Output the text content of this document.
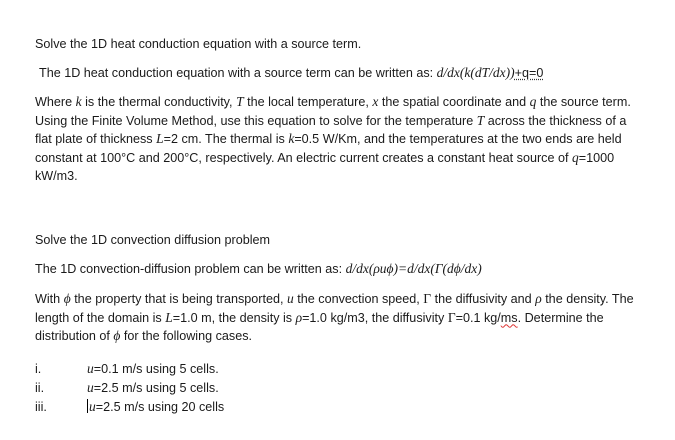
Solve the 1D heat conduction equation with a source term.
The 1D heat conduction equation with a source term can be written as: d/dx(k(dT/dx))+q=0
Where k is the thermal conductivity, T the local temperature, x the spatial coordinate and q the source term. Using the Finite Volume Method, use this equation to solve for the temperature T across the thickness of a flat plate of thickness L=2 cm. The thermal is k=0.5 W/Km, and the temperatures at the two ends are held constant at 100°C and 200°C, respectively. An electric current creates a constant heat source of q=1000 kW/m3.
Solve the 1D convection diffusion problem
The 1D convection-diffusion problem can be written as: d/dx(ρuϕ)=d/dx(Γ(dϕ/dx)
With ϕ the property that is being transported, u the convection speed, Γ the diffusivity and ρ the density. The length of the domain is L=1.0 m, the density is ρ=1.0 kg/m3, the diffusivity Γ=0.1 kg/ms. Determine the distribution of ϕ for the following cases.
i.	u=0.1 m/s using 5 cells.
ii.	u=2.5 m/s using 5 cells.
iii.	u=2.5 m/s using 20 cells
